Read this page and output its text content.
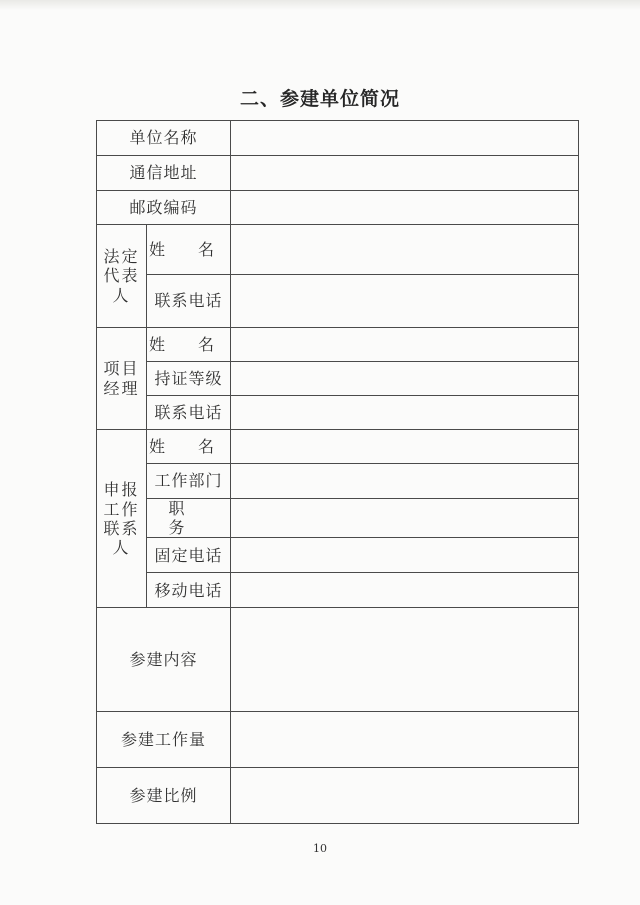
二、参建单位简况
单位名称		
通信地址		
邮政编码		
法定代表人	姓 名	
	联系电话	
项目经理	姓 名	
	持证等级	
	联系电话	
申报工作联系人	姓 名	
	工作部门	
	职 务	
	固定电话	
	移动电话	
参建内容		
参建工作量		
参建比例		
10
